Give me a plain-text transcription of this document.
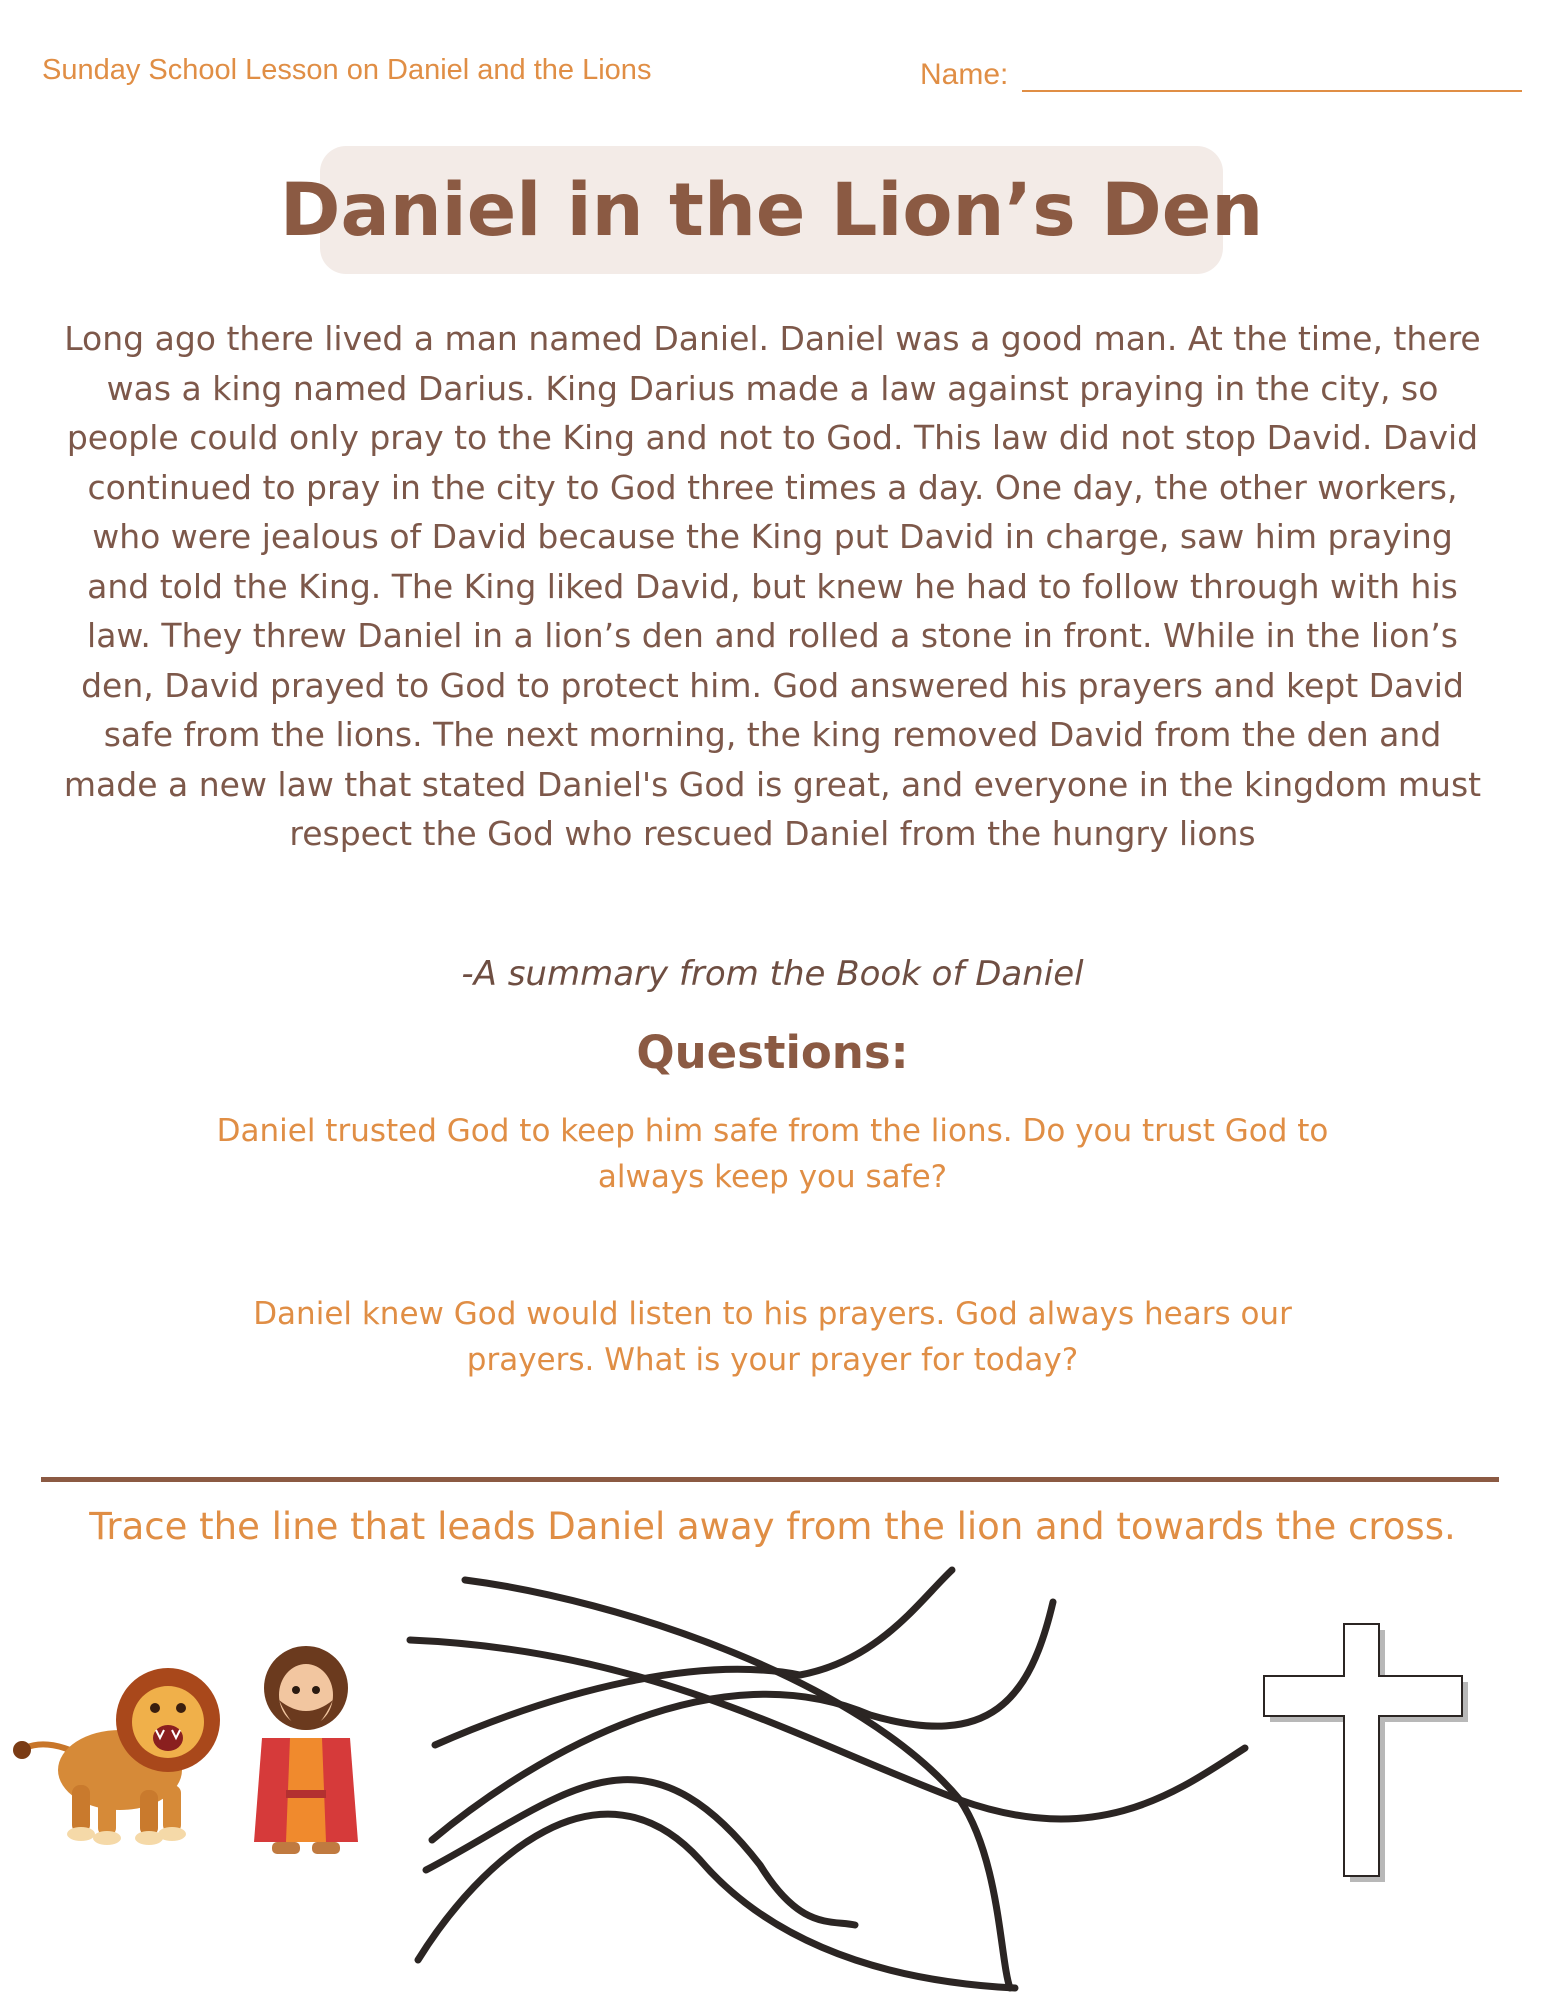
Sunday School Lesson on Daniel and the Lions	Name:
Daniel in the Lion’s Den

Long ago there lived a man named Daniel. Daniel was a good man. At the time, there was a king named Darius. King Darius made a law against praying in the city, so people could only pray to the King and not to God. This law did not stop David. David continued to pray in the city to God three times a day. One day, the other workers, who were jealous of David because the King put David in charge, saw him praying and told the King. The King liked David, but knew he had to follow through with his law. They threw Daniel in a lion’s den and rolled a stone in front. While in the lion’s den, David prayed to God to protect him. God answered his prayers and kept David safe from the lions. The next morning, the king removed David from the den and made a new law that stated Daniel's God is great, and everyone in the kingdom must respect the God who rescued Daniel from the hungry lions

-A summary from the Book of Daniel
Questions:

Daniel trusted God to keep him safe from the lions. Do you trust God to always keep you safe?

Daniel knew God would listen to his prayers. God always hears our prayers. What is your prayer for today?

Trace the line that leads Daniel away from the lion and towards the cross.
